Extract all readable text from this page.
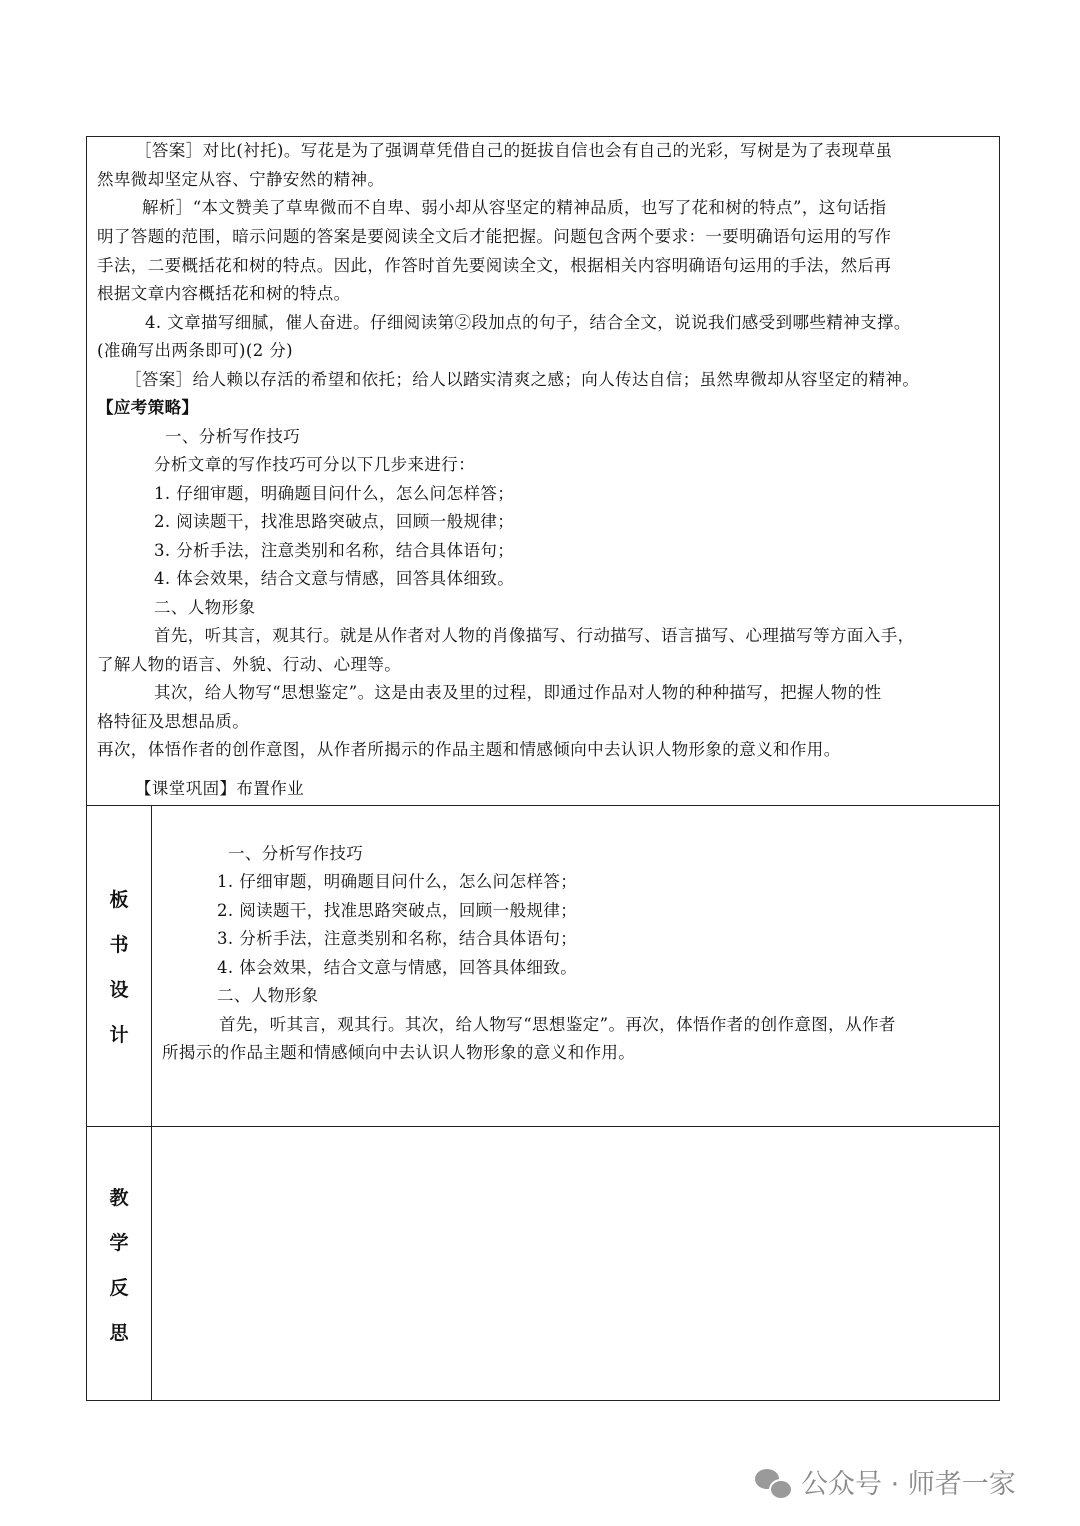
［答案］对比(衬托)。写花是为了强调草凭借自己的挺拔自信也会有自己的光彩，写树是为了表现草虽
然卑微却坚定从容、宁静安然的精神。
解析］“本文赞美了草卑微而不自卑、弱小却从容坚定的精神品质，也写了花和树的特点”，这句话指
明了答题的范围，暗示问题的答案是要阅读全文后才能把握。问题包含两个要求：一要明确语句运用的写作
手法，二要概括花和树的特点。因此，作答时首先要阅读全文，根据相关内容明确语句运用的手法，然后再
根据文章内容概括花和树的特点。
4. 文章描写细腻，催人奋进。仔细阅读第②段加点的句子，结合全文，说说我们感受到哪些精神支撑。
(准确写出两条即可)(2 分)
［答案］给人赖以存活的希望和依托；给人以踏实清爽之感；向人传达自信；虽然卑微却从容坚定的精神。
【应考策略】
一、分析写作技巧
分析文章的写作技巧可分以下几步来进行：
1. 仔细审题，明确题目问什么，怎么问怎样答；
2. 阅读题干，找准思路突破点，回顾一般规律；
3. 分析手法，注意类别和名称，结合具体语句；
4. 体会效果，结合文意与情感，回答具体细致。
二、人物形象
首先，听其言，观其行。就是从作者对人物的肖像描写、行动描写、语言描写、心理描写等方面入手，
了解人物的语言、外貌、行动、心理等。
其次，给人物写“思想鉴定”。这是由表及里的过程，即通过作品对人物的种种描写，把握人物的性
格特征及思想品质。
再次，体悟作者的创作意图，从作者所揭示的作品主题和情感倾向中去认识人物形象的意义和作用。
【课堂巩固】布置作业
板
书
设
计
一、分析写作技巧
1. 仔细审题，明确题目问什么，怎么问怎样答；
2. 阅读题干，找准思路突破点，回顾一般规律；
3. 分析手法，注意类别和名称，结合具体语句；
4. 体会效果，结合文意与情感，回答具体细致。
二、人物形象
首先，听其言，观其行。其次，给人物写“思想鉴定”。再次，体悟作者的创作意图，从作者
所揭示的作品主题和情感倾向中去认识人物形象的意义和作用。
教
学
反
思
公众号 · 师者一家
